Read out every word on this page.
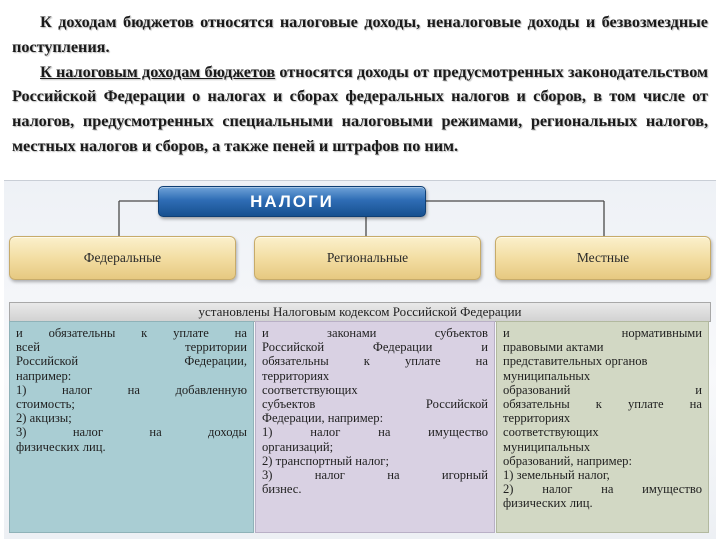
К доходам бюджетов относятся налоговые доходы, неналоговые доходы и безвозмездные поступления.

К налоговым доходам бюджетов относятся доходы от предусмотренных законодательством Российской Федерации о налогах и сборах федеральных налогов и сборов, в том числе от налогов, предусмотренных специальными налоговыми режимами, региональных налогов, местных налогов и сборов, а также пеней и штрафов по ним.

НАЛОГИ
Федеральные	Региональные	Местные
установлены Налоговым кодексом Российской Федерации
и обязательны к уплате на
всей территории
Российской Федерации,
например:
1) налог на добавленную
стоимость;
2) акцизы;
3) налог на доходы
физических лиц.
и законами субъектов
Российской Федерации и
обязательны к уплате на
территориях
соответствующих
субъектов Российской
Федерации, например:
1) налог на имущество
организаций;
2) транспортный налог;
3) налог на игорный
бизнес.
и нормативными
правовыми актами
представительных органов
муниципальных
образований и
обязательны к уплате на
территориях
соответствующих
муниципальных
образований, например:
1) земельный налог,
2) налог на имущество
физических лиц.
